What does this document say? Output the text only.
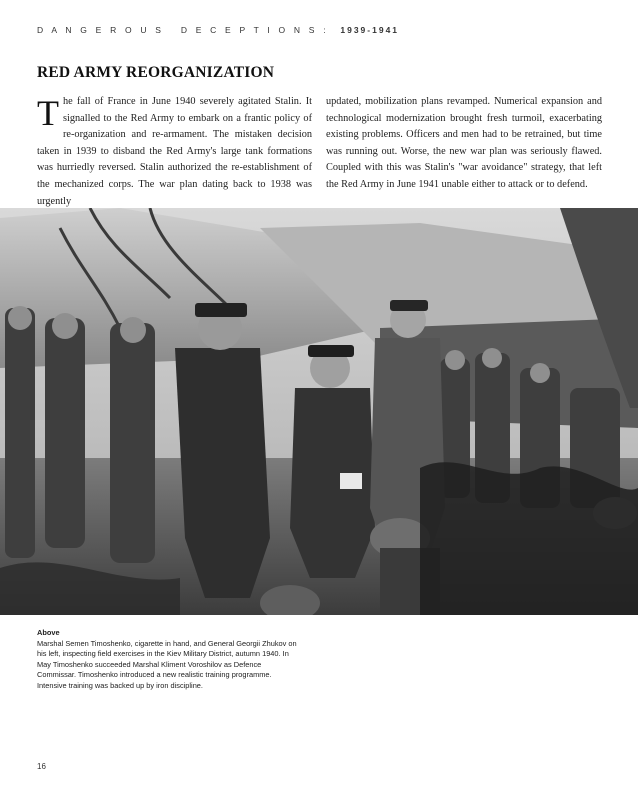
D A N G E R O U S   D E C E P T I O N S : 1939-1941
RED ARMY REORGANIZATION

The fall of France in June 1940 severely agitated Stalin. It signalled to the Red Army to embark on a frantic policy of re-organization and re-armament. The mistaken decision taken in 1939 to disband the Red Army's large tank formations was hurriedly reversed. Stalin authorized the re-establishment of the mechanized corps. The war plan dating back to 1938 was urgently

updated, mobilization plans revamped. Numerical expansion and technological modernization brought fresh turmoil, exacerbating existing problems. Officers and men had to be retrained, but time was running out. Worse, the new war plan was seriously flawed. Coupled with this was Stalin's "war avoidance" strategy, that left the Red Army in June 1941 unable either to attack or to defend.

Above
Marshal Semen Timoshenko, cigarette in hand, and General Georgii Zhukov on his left, inspecting field exercises in the Kiev Military District, autumn 1940. In May Timoshenko succeeded Marshal Kliment Voroshilov as Defence Commissar. Timoshenko introduced a new realistic training programme. Intensive training was backed up by iron discipline.
16
